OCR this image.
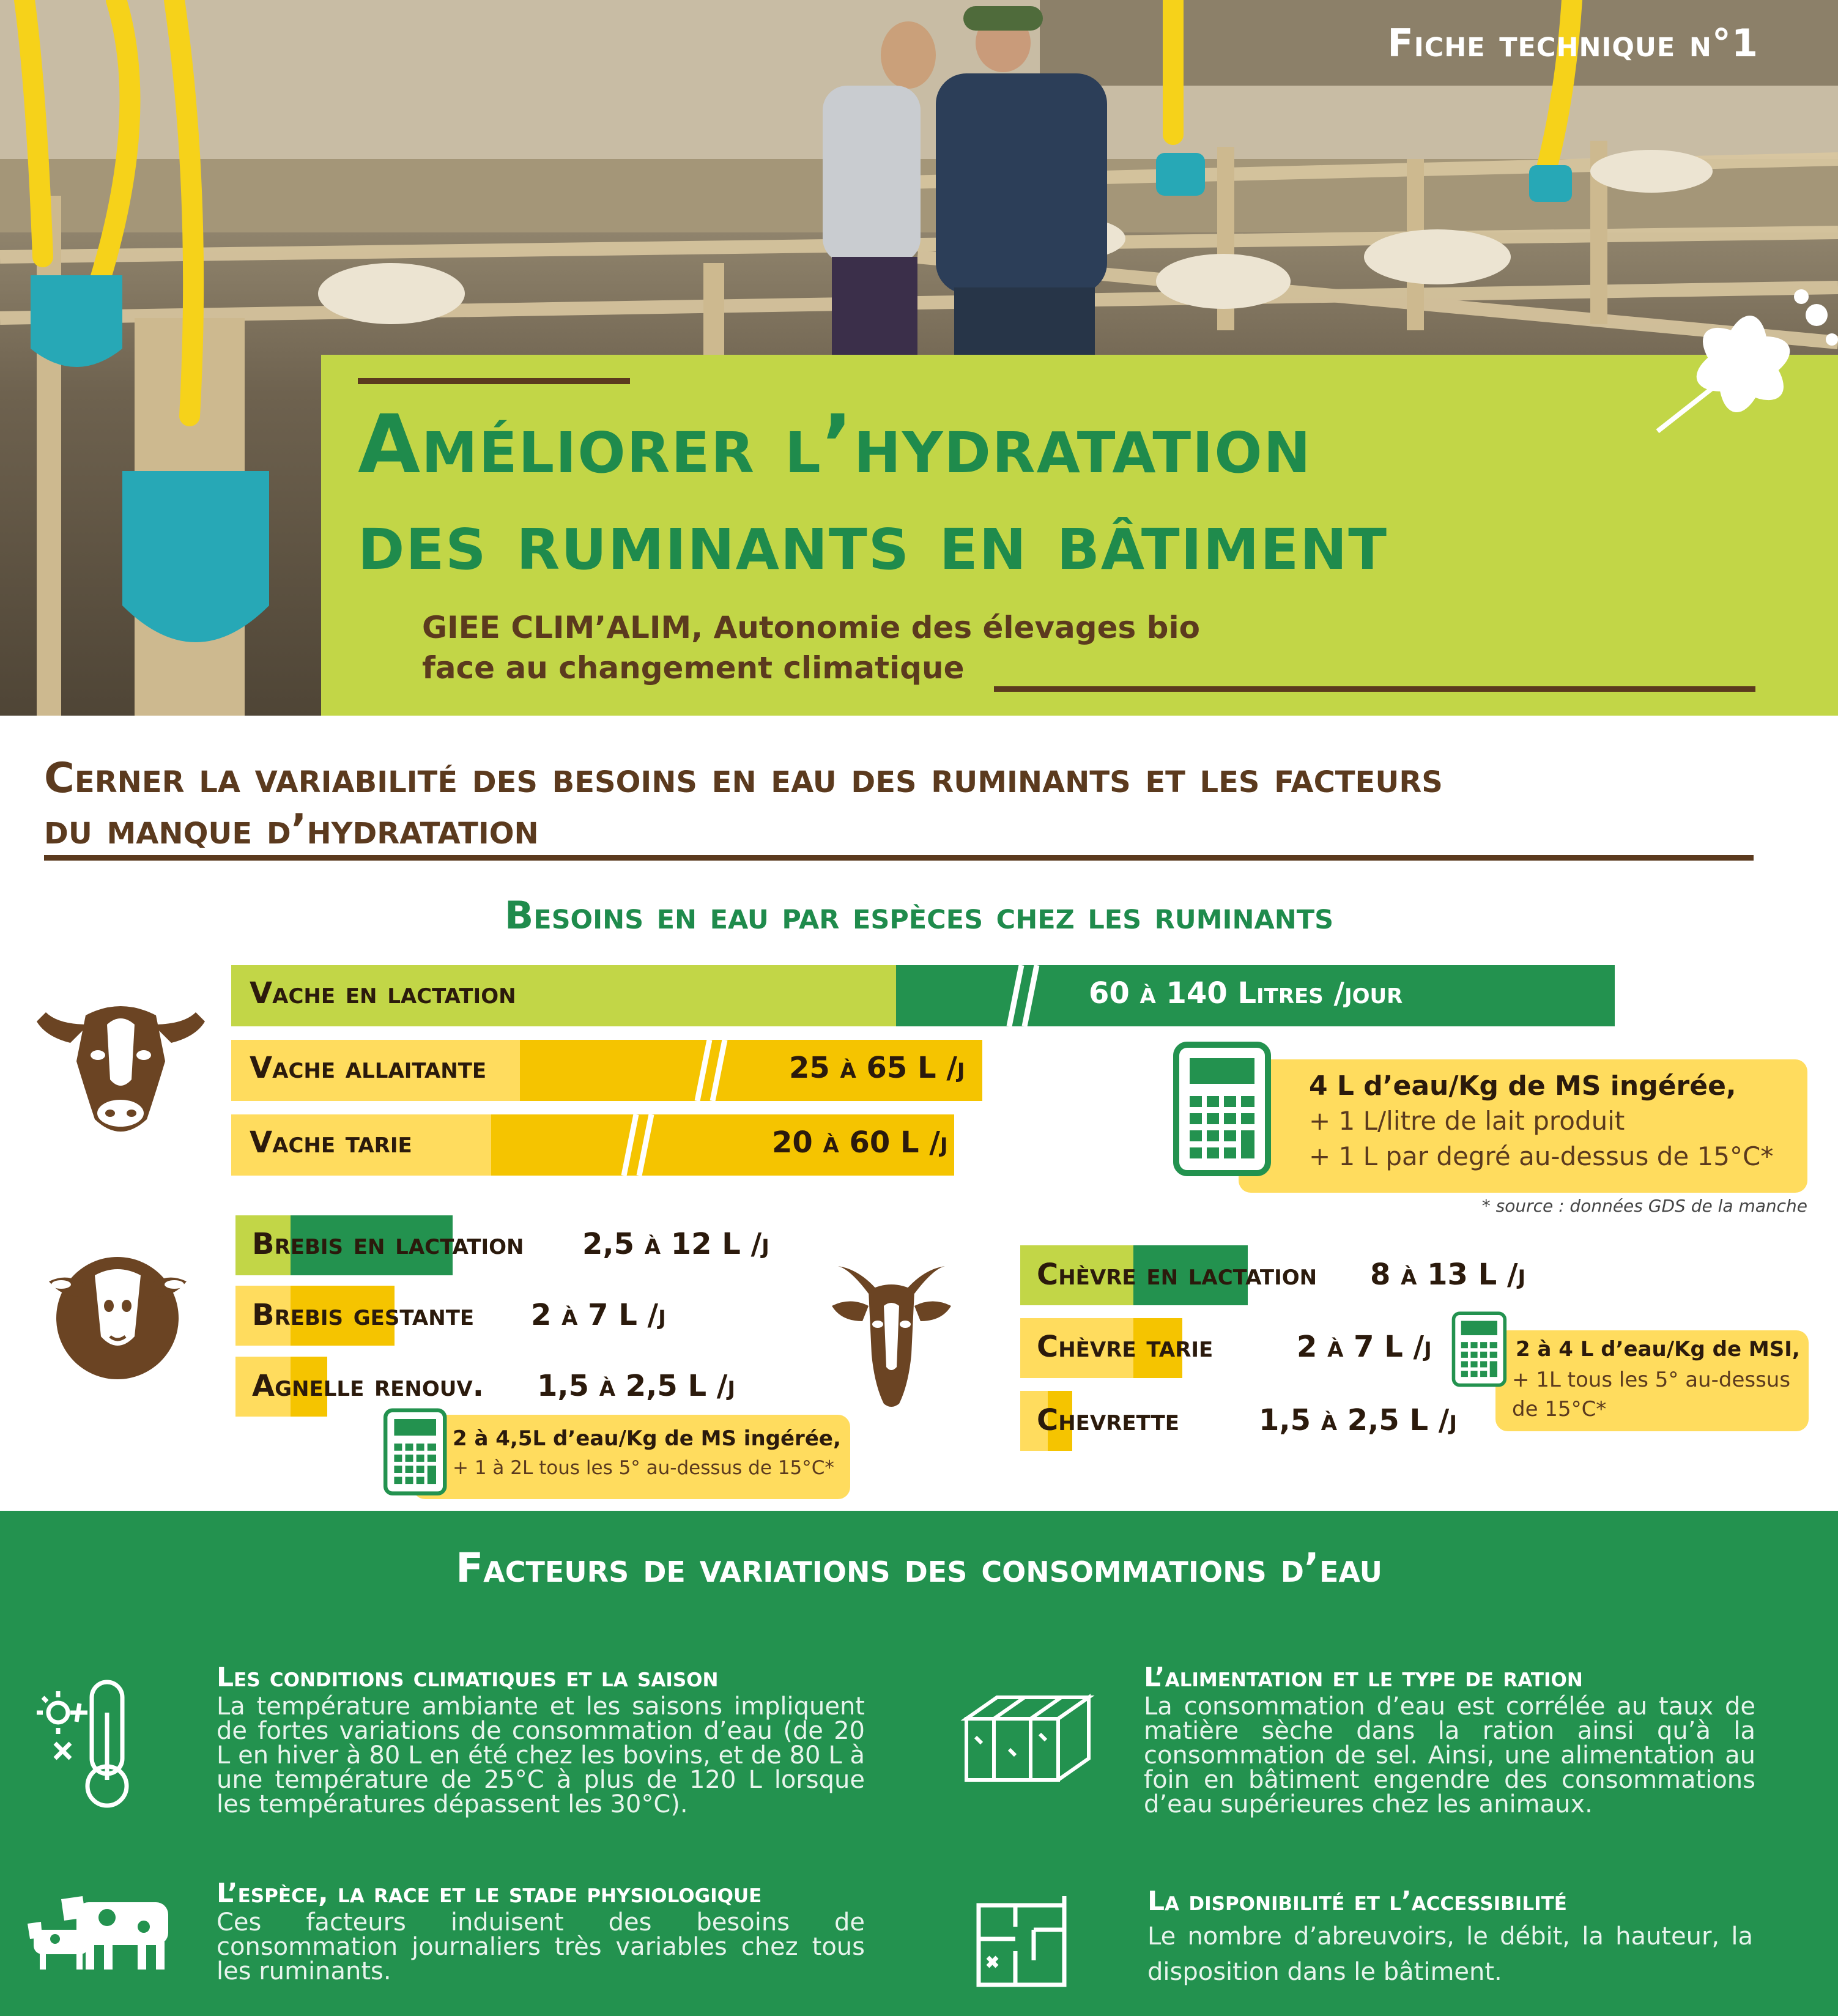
Fiche technique n°1
Améliorer l’hydratation
des ruminants en bâtiment
GIEE CLIM’ALIM, Autonomie des élevages bio
face au changement climatique
Cerner la variabilité des besoins en eau des ruminants et les facteurs
du manque d’hydratation
Besoins en eau par espèces chez les ruminants
Vache en lactation	60 à 140 Litres /jour
Vache allaitante	25 à 65 L /j
Vache tarie	20 à 60 L /j
4 L d’eau/Kg de MS ingérée,
+ 1 L/litre de lait produit
+ 1 L par degré au-dessus de 15°C*
* source : données GDS de la manche
Brebis en lactation 2,5 à 12 L /j
Brebis gestante 2 à 7 L /j
Agnelle renouv. 1,5 à 2,5 L /j
2 à 4,5L d’eau/Kg de MS ingérée,
+ 1 à 2L tous les 5° au-dessus de 15°C*
Chèvre en lactation 8 à 13 L /j
Chèvre tarie	2 à 7 L /j
Chevrette	1,5 à 2,5 L /j
2 à 4 L d’eau/Kg de MSI,
+ 1L tous les 5° au-dessus
de 15°C*
Facteurs de variations des consommations d’eau
Les conditions climatiques et la saison
La température ambiante et les saisons impliquent de fortes variations de consommation d’eau (de 20 L en hiver à 80 L en été chez les bovins, et de 80 L à une température de 25°C à plus de 120 L lorsque les températures dépassent les 30°C).
L’alimentation et le type de ration
La consommation d’eau est corrélée au taux de matière sèche dans la ration ainsi qu’à la consommation de sel. Ainsi, une alimentation au foin en bâtiment engendre des consommations d’eau supérieures chez les animaux.
L’espèce, la race et le stade physiologique
Ces facteurs induisent des besoins de consommation journaliers très variables chez tous les ruminants.
La disponibilité et l’accessibilité
Le nombre d’abreuvoirs, le débit, la hauteur, la disposition dans le bâtiment.
